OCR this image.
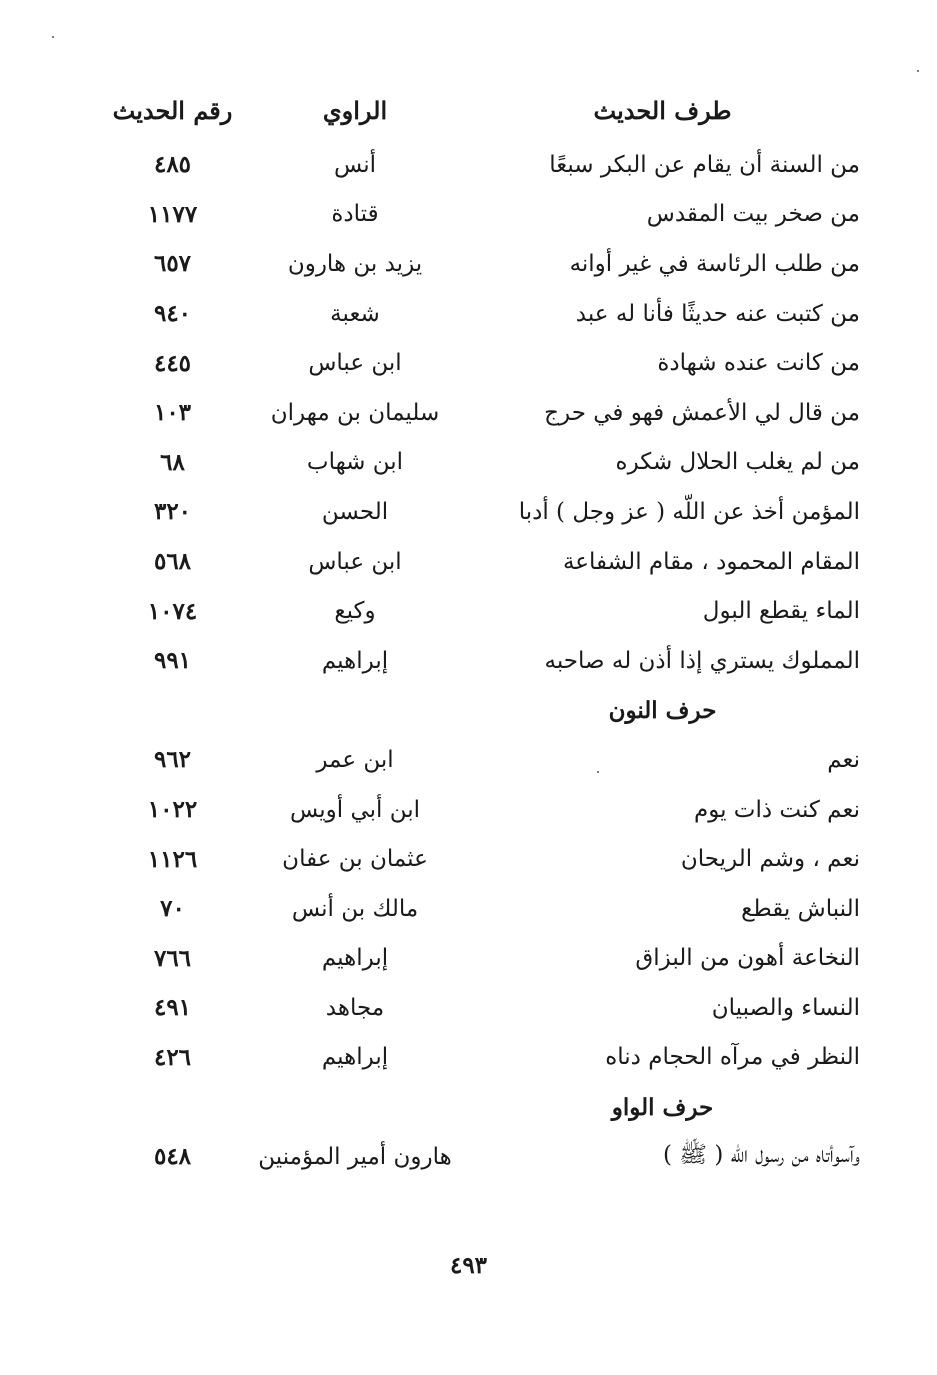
طرف الحديث
الراوي
رقم الحديث
من السنة أن يقام عن البكر سبعًا
أنس
٤٨٥
من صخر بيت المقدس
قتادة
١١٧٧
من طلب الرئاسة في غير أوانه
يزيد بن هارون
٦٥٧
من كتبت عنه حديثًا فأنا له عبد
شعبة
٩٤٠
من كانت عنده شهادة
ابن عباس
٤٤٥
من قال لي الأعمش فهو في حرج
سليمان بن مهران
١٠٣
من لم يغلب الحلال شكره
ابن شهاب
٦٨
المؤمن أخذ عن اللّه ( عز وجل ) أدبا
الحسن
٣٢٠
المقام المحمود ، مقام الشفاعة
ابن عباس
٥٦٨
الماء يقطع البول
وكيع
١٠٧٤
المملوك يستري إذا أذن له صاحبه
إبراهيم
٩٩١
حرف النون
نعم
ابن عمر
٩٦٢
نعم كنت ذات يوم
ابن أبي أويس
١٠٢٢
نعم ، وشم الريحان
عثمان بن عفان
١١٢٦
النباش يقطع
مالك بن أنس
٧٠
النخاعة أهون من البزاق
إبراهيم
٧٦٦
النساء والصبيان
مجاهد
٤٩١
النظر في مرآه الحجام دناه
إبراهيم
٤٢٦
حرف الواو
وآسوأتاه من رسول اللّه ( ﷺ )
هارون أمير المؤمنين
٥٤٨
٤٩٣
